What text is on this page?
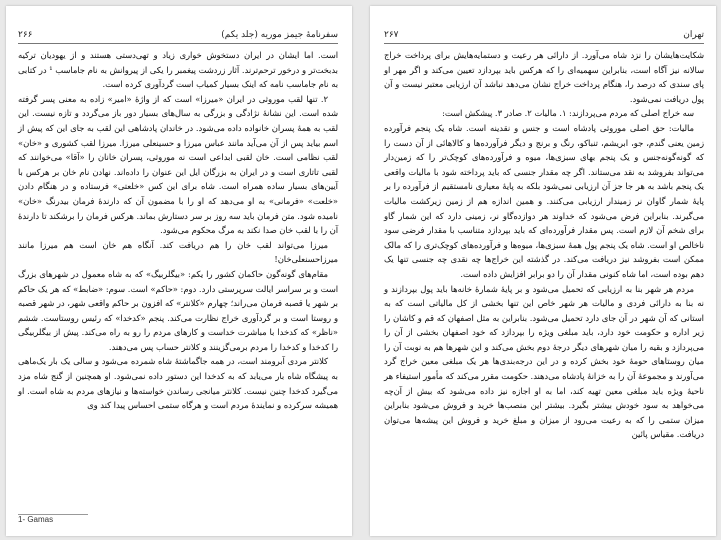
سفرنامهٔ جیمز موریه (جلد یکم)
۲۶۶

است. اما ایشان در ایران دستخوش خواری زیاد و تهی‌دستی هستند و از یهودیان ترکیه بدبخت‌تر و درخور ترحم‌ترند. آثار زردشت پیغمبر را یکی از پیروانش به نام جاماسب ¹ در کتابی به نام جاماسب نامه که اینک بسیار کمیاب است گردآوری کرده است.

۲. تنها لقب موروثی در ایران «میرزا» است که از واژهٔ «امیر» زاده به معنی پسر گرفته شده است. این نشانهٔ نژادگی و بزرگی به سال‌های بسیار دور باز می‌گردد و تازه نیست. این لقب به همهٔ پسران خانواده داده می‌شود. در خاندان پادشاهی این لقب به جای این که پیش از اسم بیاید پس از آن می‌آید مانند عباس میرزا و حسینعلی میرزا. میرزا لقب کشوری و «خان» لقب نظامی است. خان لقبی ابداعی است نه موروثی، پسران خانان را «آقا» می‌خوانند که لقبی تاتاری است و در ایران به بزرگان ایل این عنوان را داده‌اند. نهادن نام خان بر هرکس با آیین‌های بسیار ساده همراه است. شاه برای این کس «خلعتی» فرستاده و در هنگام دادن «خلعت» «فرمانی» به او می‌دهد که او را با مضمون آن که دارندهٔ فرمان بیدرنگ «خان» نامیده شود. متن فرمان باید سه روز بر سر دستارش بماند. هرکس فرمان را برشکند تا دارندهٔ آن را با لقب خان صدا نکند به مرگ محکوم می‌شود.

میرزا می‌تواند لقب خان را هم دریافت کند. آنگاه هم خان است هم میرزا مانند میرزاحسنعلی‌خان!

مقام‌های گونه‌گون حاکمان کشور را یکم: «بیگلربیگ» که به شاه معمول در شهرهای بزرگ است و بر سراسر ایالت سرپرستی دارد. دوم: «حاکم» است. سوم: «ضابط» که هر یک حاکم بر شهر یا قصبه فرمان می‌راند؛ چهارم «کلانتر» که افزون بر حاکم واقعی شهر، در شهر قصبه و روستا است و بر گردآوری خراج نظارت می‌کند. پنجم «کدخدا» که رئیس روستاست. ششم «ناظر» که کدخدا با مباشرت خداست و کارهای مردم را رو به راه می‌کند. پیش از بیگلربیگی را کدخدا و کدخدا را مردم برمی‌گزینند و کلانتر حساب پس می‌دهند.

کلانتر مردی آبرومند است، در همه جاگماشتهٔ شاه شمرده می‌شود و سالی یک بار یک‌ماهی به پیشگاه شاه بار می‌یابد که به کدخدا این دستور داده نمی‌شود. او همچنین از گنج شاه مزد می‌گیرد کدخدا چنین نیست. کلانتر میانجی رساندن خواسته‌ها و نیازهای مردم به شاه است. او همیشه سرکرده و نمایندهٔ مردم است و هرگاه ستمی احساس پیدا کند وی

1- Gamas
تهران
۲۶۷

شکایت‌هایشان را نزد شاه می‌آورد. از دارائی هر رعیت و دستمایه‌هایش برای پرداخت خراج سالانه نیز آگاه است، بنابراین سهمیه‌ای را که هرکس باید بپردازد تعیین می‌کند و اگر مهر او پای سندی که درصد را، هنگام پرداخت خراج نشان می‌دهد نباشد آن ارزیابی معتبر نیست و آن پول دریافت نمی‌شود.

سه خراج اصلی که مردم می‌پردازند: ۱. مالیات ۲. صادر ۳. پیشکش است:

مالیات: حق اصلی موروثی پادشاه است و جنس و نقدینه است. شاه یک پنجم فرآورده زمین یعنی گندم، جو، ابریشم، تنباکو، رنگ و برنج و دیگر فرآورده‌ها و کالاهائی از آن دست را که گونه‌گونه‌جنس و یک پنجم بهای سبزی‌ها، میوه و فرآورده‌های کوچک‌تر را که زمین‌دار می‌تواند بفروشد به نقد می‌ستاند. اگر چه مقدار جنسی که باید پرداخته شود با مالیات واقعی یک پنجم باشد به هر جا جز آن ارزیابی نمی‌شود بلکه به پایهٔ معیاری نامستقیم از فرآورده را بر پایهٔ شمار گاوان نر زمیندار ارزیابی می‌کنند. و همین اندازه هم از زمین زیرکشت مالیات می‌گیرند. بنابراین فرض می‌شود که خداوند هر دوازده‌گاو نر، زمینی دارد که این شمار گاو برای شخم آن لازم است. پس مقدار فرآورده‌ای که باید بپردازد متناسب با مقدار فرضی سود ناخالص او است. شاه یک پنجم پول همهٔ سبزی‌ها، میوه‌ها و فرآورده‌های کوچک‌تری را که مالک ممکن است بفروشد نیز دریافت می‌کند. در گذشته این خراج‌ها چه نقدی چه جنسی تنها یک دهم بوده است، اما شاه کنونی مقدار آن را دو برابر افزایش داده است.

مردم هر شهر بنا به ارزیابی که تحمیل می‌شود و بر پایهٔ شمارهٔ خانه‌ها باید پول بپردازند و نه بنا به دارائی فردی و مالیات هر شهر خاص این تنها بخشی از کل مالیاتی است که به استانی که آن شهر در آن جای دارد تحمیل می‌شود. بنابراین به مثل اصفهان که قم و کاشان را زیر اداره و حکومت خود دارد، باید مبلغی ویژه را بپردازد که خود اصفهان بخشی از آن را می‌پردازد و بقیه را میان شهرهای دیگر درجهٔ دوم بخش می‌کند و این شهرها هم به نوبت آن را میان روستاهای حومهٔ خود بخش کرده و در این درجه‌بندی‌ها هر یک مبلغی معین خراج گرد می‌آورند و مجموعهٔ آن را به خزانهٔ پادشاه می‌دهند. حکومت مقرر می‌کند که مأمور استیفاء هر ناحیهٔ ویژه باید مبلغی معین تهیه کند، اما به او اجازه نیز داده می‌شود که بیش از آن‌چه می‌خواهد به سود خودش بیشتر بگیرد. بیشتر این منصب‌ها خرید و فروش می‌شود بنابراین میزان ستمی را که به رعیت می‌رود از میزان و مبلغ خرید و فروش این پیشه‌ها می‌توان دریافت. مقیاس پائین
